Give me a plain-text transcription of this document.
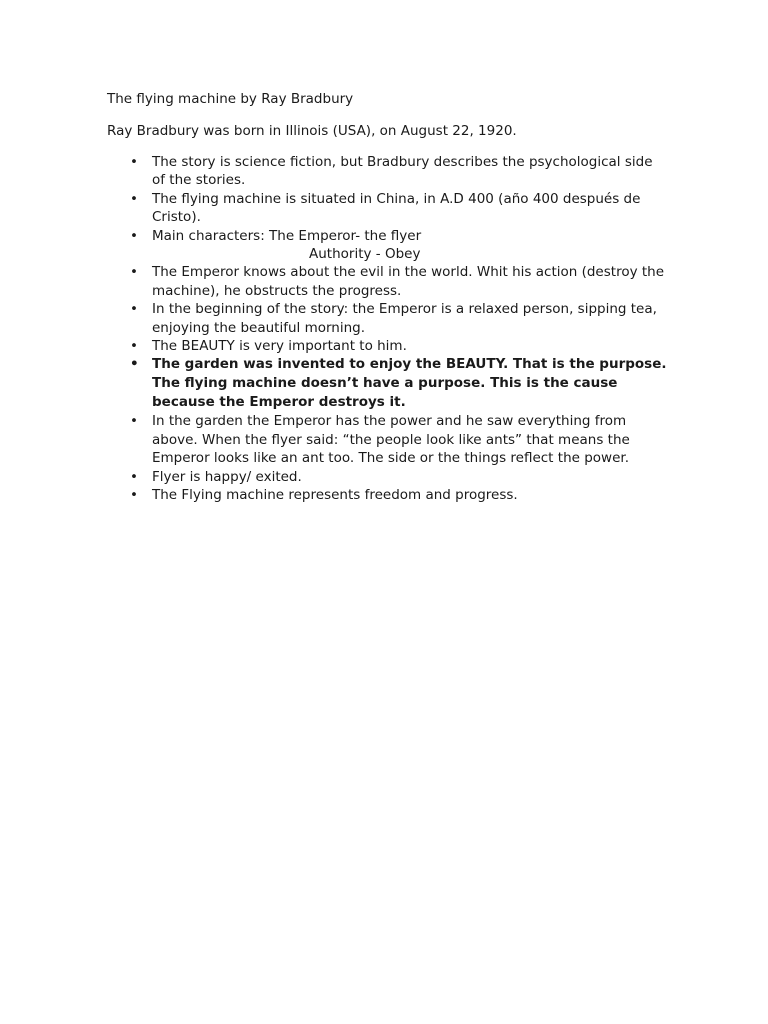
The flying machine by Ray Bradbury

Ray Bradbury was born in Illinois (USA), on August 22, 1920.

• The story is science fiction, but Bradbury describes the psychological side of the stories.
• The flying machine is situated in China, in A.D 400 (año 400 después de Cristo).
• Main characters: The Emperor- the flyer
Authority - Obey
• The Emperor knows about the evil in the world. Whit his action (destroy the machine), he obstructs the progress.
• In the beginning of the story: the Emperor is a relaxed person, sipping tea, enjoying the beautiful morning.
• The BEAUTY is very important to him.
• The garden was invented to enjoy the BEAUTY. That is the purpose. The flying machine doesn’t have a purpose. This is the cause because the Emperor destroys it.
• In the garden the Emperor has the power and he saw everything from above. When the flyer said: “the people look like ants” that means the Emperor looks like an ant too. The side or the things reflect the power.
• Flyer is happy/ exited.
• The Flying machine represents freedom and progress.
